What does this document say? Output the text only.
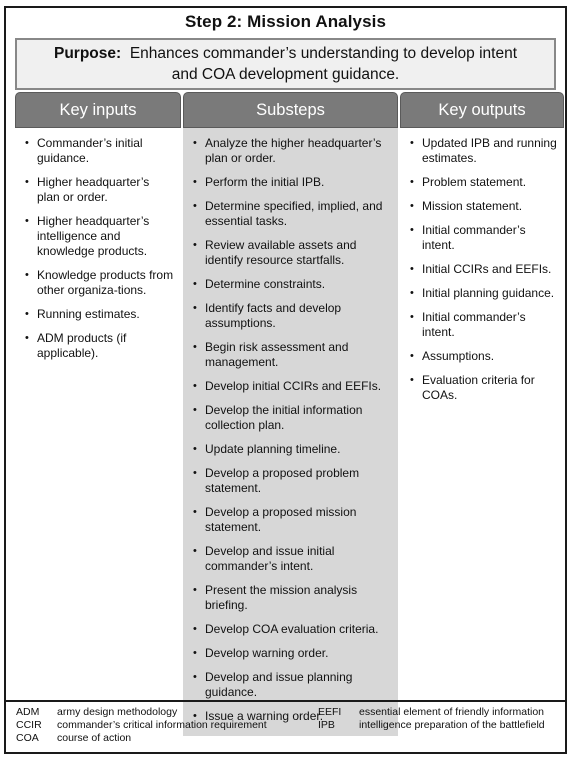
Step 2: Mission Analysis
Purpose: Enhances commander’s understanding to develop intent
and COA development guidance.
Key inputs
• Commander’s initial guidance.
• Higher headquarter’s plan or order.
• Higher headquarter’s intelligence and knowledge products.
• Knowledge products from other organiza-tions.
• Running estimates.
• ADM products (if applicable).
Substeps
• Analyze the higher headquarter’s plan or order.
• Perform the initial IPB.
• Determine specified, implied, and essential tasks.
• Review available assets and identify resource startfalls.
• Determine constraints.
• Identify facts and develop assumptions.
• Begin risk assessment and management.
• Develop initial CCIRs and EEFIs.
• Develop the initial information collection plan.
• Update planning timeline.
• Develop a proposed problem statement.
• Develop a proposed mission statement.
• Develop and issue initial commander’s intent.
• Present the mission analysis briefing.
• Develop COA evaluation criteria.
• Develop warning order.
• Develop and issue planning guidance.
• Issue a warning order.
Key outputs
• Updated IPB and running estimates.
• Problem statement.
• Mission statement.
• Initial commander’s intent.
• Initial CCIRs and EEFIs.
• Initial planning guidance.
• Initial commander’s intent.
• Assumptions.
• Evaluation criteria for COAs.
ADM	army design methodology
CCIR	commander’s critical information requirement
COA	course of action
EEFI	essential element of friendly information
IPB	intelligence preparation of the battlefield
